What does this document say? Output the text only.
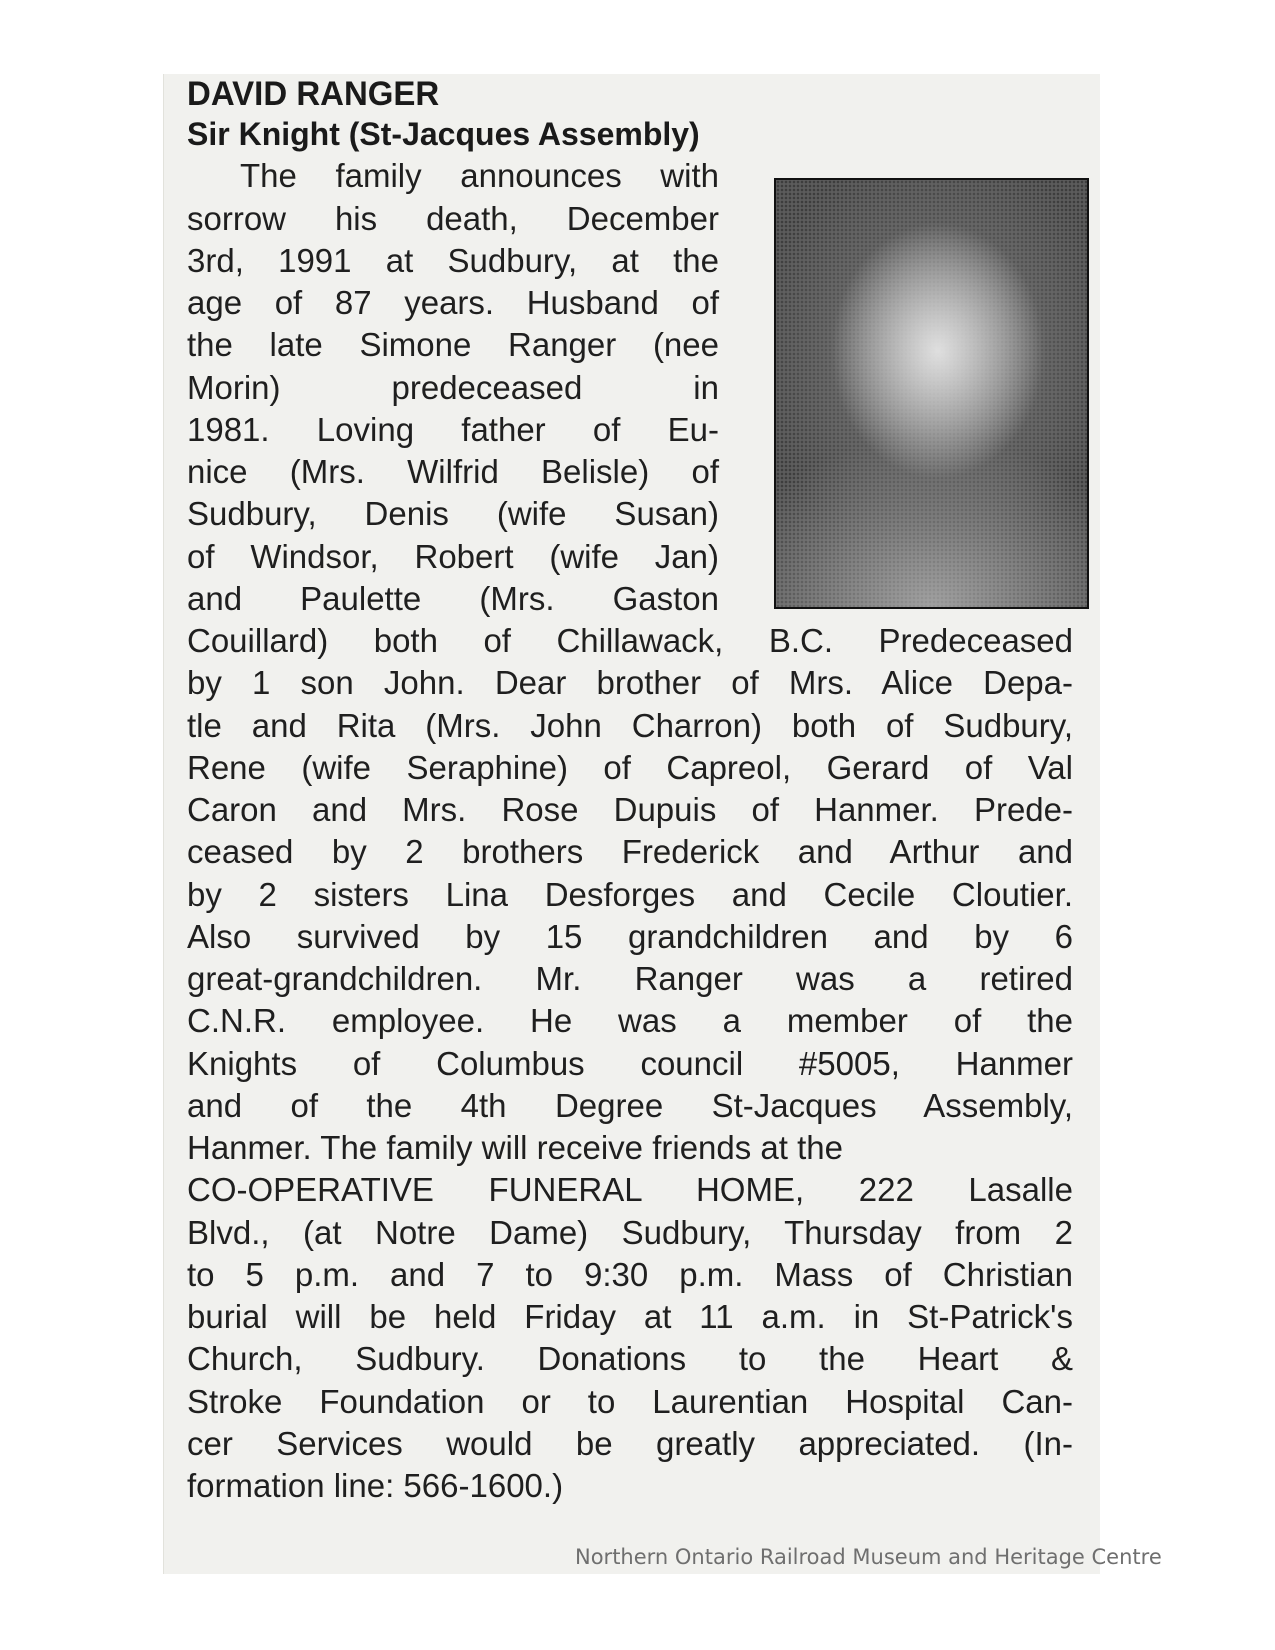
DAVID RANGER
Sir Knight (St-Jacques Assembly)
The family announces with
sorrow his death, December
3rd, 1991 at Sudbury, at the
age of 87 years. Husband of
the late Simone Ranger (nee
Morin) predeceased in
1981. Loving father of Eu-
nice (Mrs. Wilfrid Belisle) of
Sudbury, Denis (wife Susan)
of Windsor, Robert (wife Jan)
and Paulette (Mrs. Gaston
Couillard) both of Chillawack, B.C. Predeceased
by 1 son John. Dear brother of Mrs. Alice Depa-
tle and Rita (Mrs. John Charron) both of Sudbury,
Rene (wife Seraphine) of Capreol, Gerard of Val
Caron and Mrs. Rose Dupuis of Hanmer. Prede-
ceased by 2 brothers Frederick and Arthur and
by 2 sisters Lina Desforges and Cecile Cloutier.
Also survived by 15 grandchildren and by 6
great-grandchildren. Mr. Ranger was a retired
C.N.R. employee. He was a member of the
Knights of Columbus council #5005, Hanmer
and of the 4th Degree St-Jacques Assembly,
Hanmer. The family will receive friends at the
CO-OPERATIVE FUNERAL HOME, 222 Lasalle
Blvd., (at Notre Dame) Sudbury, Thursday from 2
to 5 p.m. and 7 to 9:30 p.m. Mass of Christian
burial will be held Friday at 11 a.m. in St-Patrick's
Church, Sudbury. Donations to the Heart &
Stroke Foundation or to Laurentian Hospital Can-
cer Services would be greatly appreciated. (In-
formation line: 566-1600.)
Northern Ontario Railroad Museum and Heritage Centre
